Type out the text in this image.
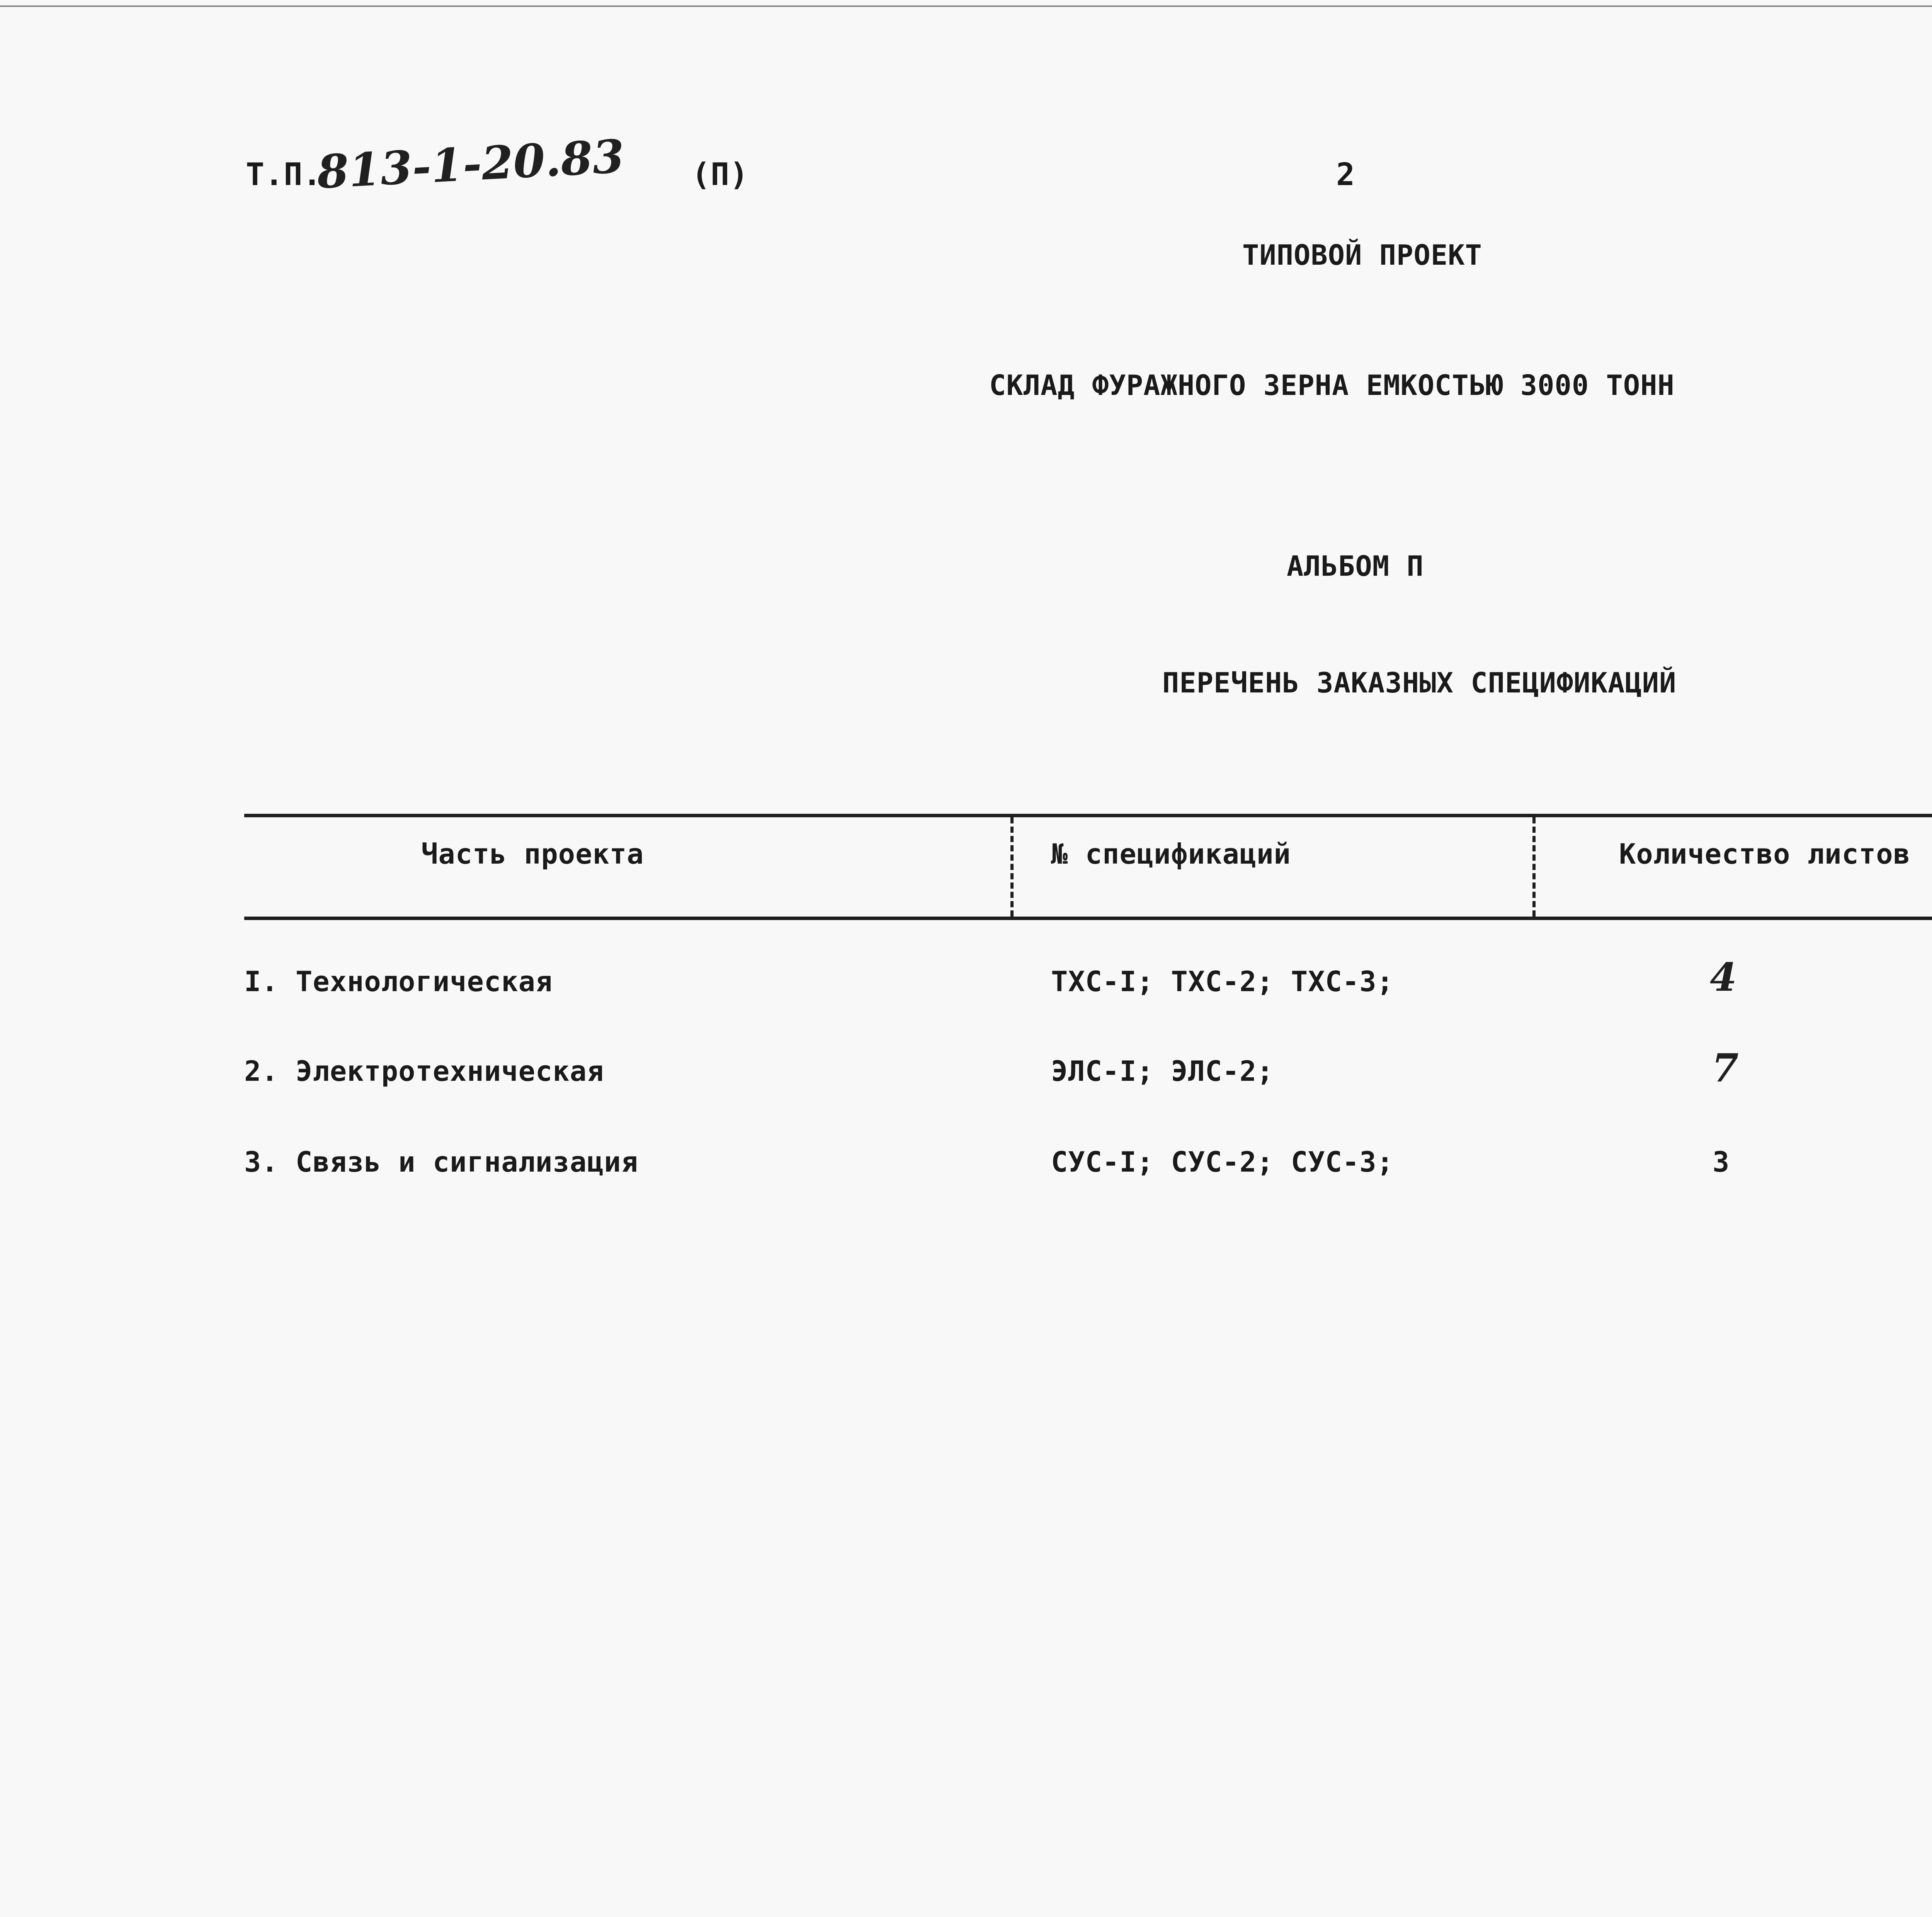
Т.П.
813-1-20.83 (П)	2
ТИПОВОЙ ПРОЕКТ
СКЛАД ФУРАЖНОГО ЗЕРНА ЕМКОСТЬЮ 3000 ТОНН
АЛЬБОМ П
ПЕРЕЧЕНЬ ЗАКАЗНЫХ СПЕЦИФИКАЦИЙ
Часть проекта	№ спецификаций	Количество листов
I. Технологическая	ТХС-I; ТХС-2; ТХС-3;	4
2. Электротехническая	ЭЛС-I; ЭЛС-2;	7
3. Связь и сигнализация	СУС-I; СУС-2; СУС-3;	3
